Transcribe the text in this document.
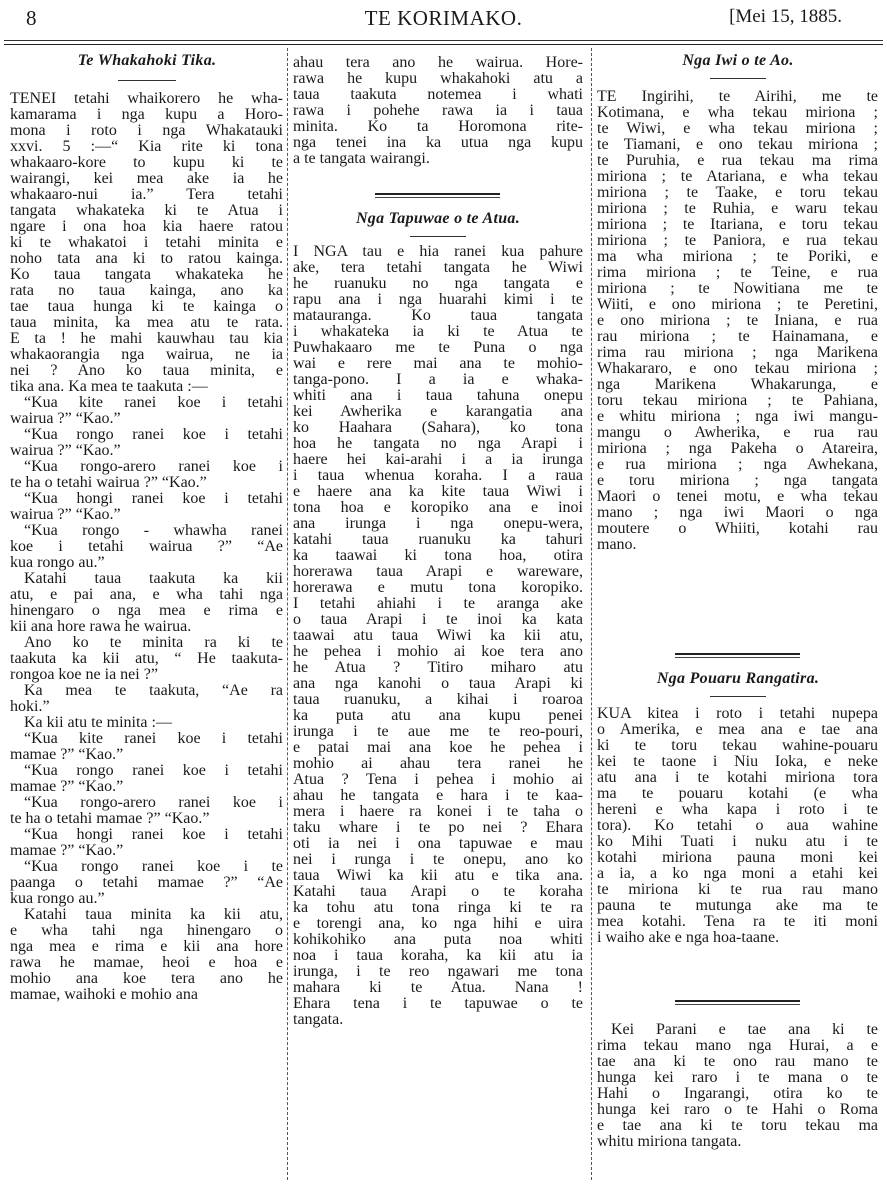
8	TE KORIMAKO.	[Mei 15, 1885.
Te Whakahoki Tika.
TENEI tetahi whaikorero he wha-
kamarama i nga kupu a Horo-
mona i roto i nga Whakatauki
xxvi. 5 :—“ Kia rite ki tona
whakaaro-kore to kupu ki te
wairangi, kei mea ake ia he
whakaaro-nui ia.” Tera tetahi
tangata whakateka ki te Atua i
ngare i ona hoa kia haere ratou
ki te whakatoi i tetahi minita e
noho tata ana ki to ratou kainga.
Ko taua tangata whakateka he
rata no taua kainga, ano ka
tae taua hunga ki te kainga o
taua minita, ka mea atu te rata.
E ta ! he mahi kauwhau tau kia
whakaorangia nga wairua, ne ia
nei ? Ano ko taua minita, e
tika ana. Ka mea te taakuta :—
“Kua kite ranei koe i tetahi
wairua ?” “Kao.”
“Kua rongo ranei koe i tetahi
wairua ?” “Kao.”
“Kua rongo-arero ranei koe i
te ha o tetahi wairua ?” “Kao.”
“Kua hongi ranei koe i tetahi
wairua ?” “Kao.”
“Kua rongo - whawha ranei
koe i tetahi wairua ?” “Ae
kua rongo au.”
Katahi taua taakuta ka kii
atu, e pai ana, e wha tahi nga
hinengaro o nga mea e rima e
kii ana hore rawa he wairua.
Ano ko te minita ra ki te
taakuta ka kii atu, “ He taakuta-
rongoa koe ne ia nei ?”
Ka mea te taakuta, “Ae ra
hoki.”
Ka kii atu te minita :—
“Kua kite ranei koe i tetahi
mamae ?” “Kao.”
“Kua rongo ranei koe i tetahi
mamae ?” “Kao.”
“Kua rongo-arero ranei koe i
te ha o tetahi mamae ?” “Kao.”
“Kua hongi ranei koe i tetahi
mamae ?” “Kao.”
“Kua rongo ranei koe i te
paanga o tetahi mamae ?” “Ae
kua rongo au.”
Katahi taua minita ka kii atu,
e wha tahi nga hinengaro o
nga mea e rima e kii ana hore
rawa he mamae, heoi e hoa e
mohio ana koe tera ano he
mamae, waihoki e mohio ana
ahau tera ano he wairua. Hore-
rawa he kupu whakahoki atu a
taua taakuta notemea i whati
rawa i pohehe rawa ia i taua
minita. Ko ta Horomona rite-
nga tenei ina ka utua nga kupu
a te tangata wairangi.
Nga Tapuwae o te Atua.
I NGA tau e hia ranei kua pahure
ake, tera tetahi tangata he Wiwi
he ruanuku no nga tangata e
rapu ana i nga huarahi kimi i te
matauranga. Ko taua tangata
i whakateka ia ki te Atua te
Puwhakaaro me te Puna o nga
wai e rere mai ana te mohio-
tanga-pono. I a ia e whaka-
whiti ana i taua tahuna onepu
kei Awherika e karangatia ana
ko Haahara (Sahara), ko tona
hoa he tangata no nga Arapi i
haere hei kai-arahi i a ia irunga
i taua whenua koraha. I a raua
e haere ana ka kite taua Wiwi i
tona hoa e koropiko ana e inoi
ana irunga i nga onepu-wera,
katahi taua ruanuku ka tahuri
ka taawai ki tona hoa, otira
horerawa taua Arapi e wareware,
horerawa e mutu tona koropiko.
I tetahi ahiahi i te aranga ake
o taua Arapi i te inoi ka kata
taawai atu taua Wiwi ka kii atu,
he pehea i mohio ai koe tera ano
he Atua ? Titiro miharo atu
ana nga kanohi o taua Arapi ki
taua ruanuku, a kihai i roaroa
ka puta atu ana kupu penei
irunga i te aue me te reo-pouri,
e patai mai ana koe he pehea i
mohio ai ahau tera ranei he
Atua ? Tena i pehea i mohio ai
ahau he tangata e hara i te kaa-
mera i haere ra konei i te taha o
taku whare i te po nei ? Ehara
oti ia nei i ona tapuwae e mau
nei i runga i te onepu, ano ko
taua Wiwi ka kii atu e tika ana.
Katahi taua Arapi o te koraha
ka tohu atu tona ringa ki te ra
e torengi ana, ko nga hihi e uira
kohikohiko ana puta noa whiti
noa i taua koraha, ka kii atu ia
irunga, i te reo ngawari me tona
mahara ki te Atua. Nana !
Ehara tena i te tapuwae o te
tangata.
Nga Iwi o te Ao.
TE Ingirihi, te Airihi, me te
Kotimana, e wha tekau miriona ;
te Wiwi, e wha tekau miriona ;
te Tiamani, e ono tekau miriona ;
te Puruhia, e rua tekau ma rima
miriona ; te Atariana, e wha tekau
miriona ; te Taake, e toru tekau
miriona ; te Ruhia, e waru tekau
miriona ; te Itariana, e toru tekau
miriona ; te Paniora, e rua tekau
ma wha miriona ; te Poriki, e
rima miriona ; te Teine, e rua
miriona ; te Nowitiana me te
Wiiti, e ono miriona ; te Peretini,
e ono miriona ; te Iniana, e rua
rau miriona ; te Hainamana, e
rima rau miriona ; nga Marikena
Whakararo, e ono tekau miriona ;
nga Marikena Whakarunga, e
toru tekau miriona ; te Pahiana,
e whitu miriona ; nga iwi mangu-
mangu o Awherika, e rua rau
miriona ; nga Pakeha o Atareira,
e rua miriona ; nga Awhekana,
e toru miriona ; nga tangata
Maori o tenei motu, e wha tekau
mano ; nga iwi Maori o nga
moutere o Whiiti, kotahi rau
mano.
Nga Pouaru Rangatira.
KUA kitea i roto i tetahi nupepa
o Amerika, e mea ana e tae ana
ki te toru tekau wahine-pouaru
kei te taone i Niu Ioka, e neke
atu ana i te kotahi miriona tora
ma te pouaru kotahi (e wha
hereni e wha kapa i roto i te
tora). Ko tetahi o aua wahine
ko Mihi Tuati i nuku atu i te
kotahi miriona pauna moni kei
a ia, a ko nga moni a etahi kei
te miriona ki te rua rau mano
pauna te mutunga ake ma te
mea kotahi. Tena ra te iti moni
i waiho ake e nga hoa-taane.
Kei Parani e tae ana ki te
rima tekau mano nga Hurai, a e
tae ana ki te ono rau mano te
hunga kei raro i te mana o te
Hahi o Ingarangi, otira ko te
hunga kei raro o te Hahi o Roma
e tae ana ki te toru tekau ma
whitu miriona tangata.
